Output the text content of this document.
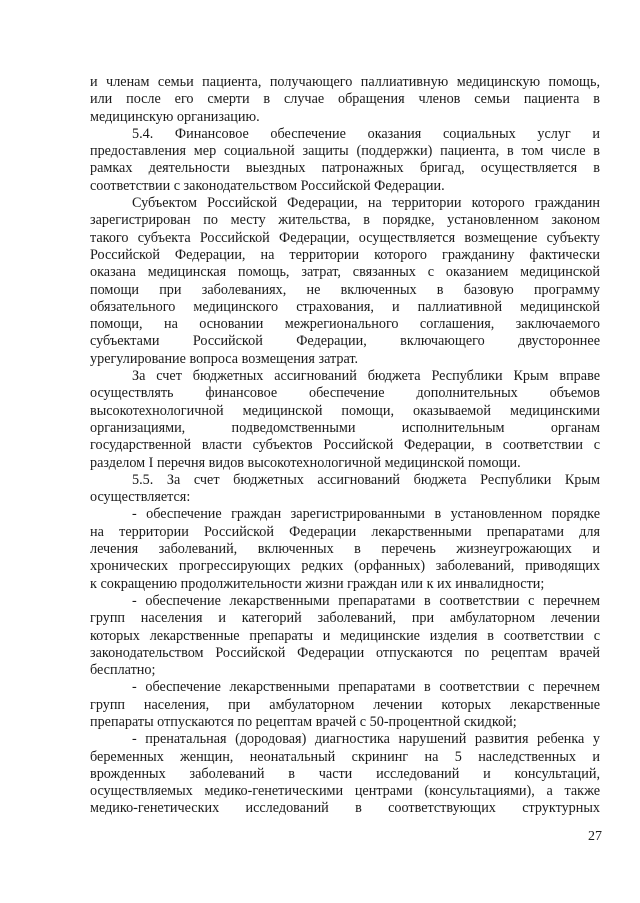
и членам семьи пациента, получающего паллиативную медицинскую помощь,
или после его смерти в случае обращения членов семьи пациента в
медицинскую организацию.
5.4. Финансовое обеспечение оказания социальных услуг и
предоставления мер социальной защиты (поддержки) пациента, в том числе в
рамках деятельности выездных патронажных бригад, осуществляется в
соответствии с законодательством Российской Федерации.
Субъектом Российской Федерации, на территории которого гражданин
зарегистрирован по месту жительства, в порядке, установленном законом
такого субъекта Российской Федерации, осуществляется возмещение субъекту
Российской Федерации, на территории которого гражданину фактически
оказана медицинская помощь, затрат, связанных с оказанием медицинской
помощи при заболеваниях, не включенных в базовую программу
обязательного медицинского страхования, и паллиативной медицинской
помощи, на основании межрегионального соглашения, заключаемого
субъектами Российской Федерации, включающего двустороннее
урегулирование вопроса возмещения затрат.
За счет бюджетных ассигнований бюджета Республики Крым вправе
осуществлять финансовое обеспечение дополнительных объемов
высокотехнологичной медицинской помощи, оказываемой медицинскими
организациями, подведомственными исполнительным органам
государственной власти субъектов Российской Федерации, в соответствии с
разделом I перечня видов высокотехнологичной медицинской помощи.
5.5. За счет бюджетных ассигнований бюджета Республики Крым
осуществляется:
- обеспечение граждан зарегистрированными в установленном порядке
на территории Российской Федерации лекарственными препаратами для
лечения заболеваний, включенных в перечень жизнеугрожающих и
хронических прогрессирующих редких (орфанных) заболеваний, приводящих
к сокращению продолжительности жизни граждан или к их инвалидности;
- обеспечение лекарственными препаратами в соответствии с перечнем
групп населения и категорий заболеваний, при амбулаторном лечении
которых лекарственные препараты и медицинские изделия в соответствии с
законодательством Российской Федерации отпускаются по рецептам врачей
бесплатно;
- обеспечение лекарственными препаратами в соответствии с перечнем
групп населения, при амбулаторном лечении которых лекарственные
препараты отпускаются по рецептам врачей с 50-процентной скидкой;
- пренатальная (дородовая) диагностика нарушений развития ребенка у
беременных женщин, неонатальный скрининг на 5 наследственных и
врожденных заболеваний в части исследований и консультаций,
осуществляемых медико-генетическими центрами (консультациями), а также
медико-генетических исследований в соответствующих структурных
27
